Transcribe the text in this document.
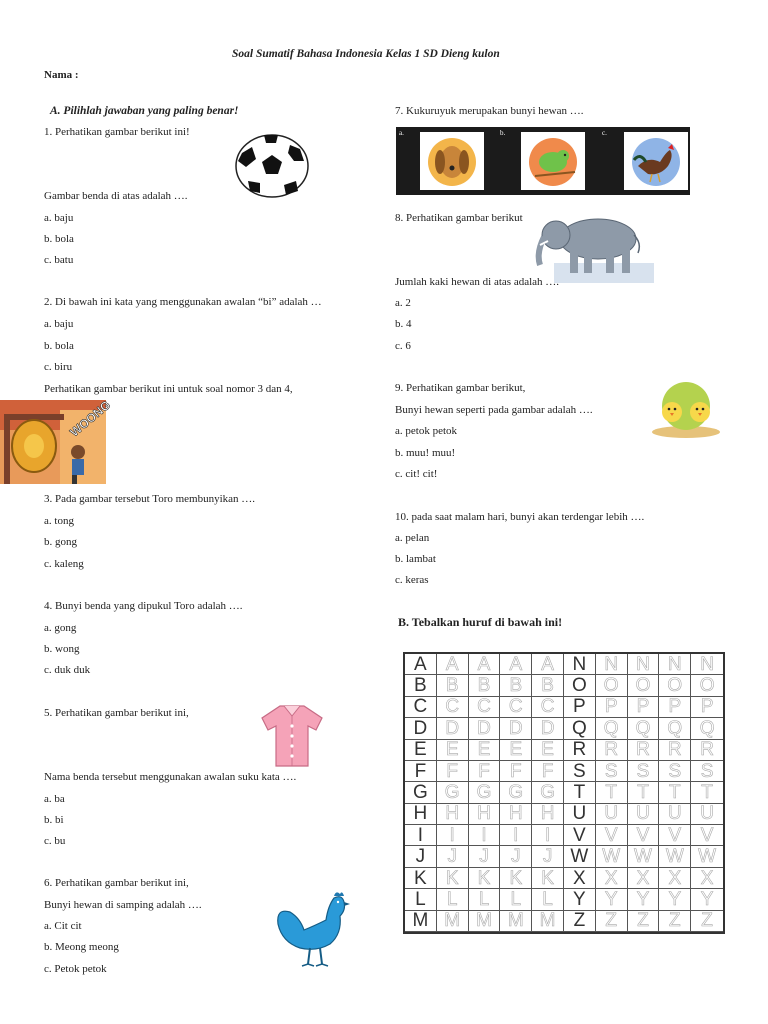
Soal Sumatif Bahasa Indonesia Kelas 1 SD Dieng kulon
Nama :
A. Pilihlah jawaban yang paling benar!
1. Perhatikan gambar berikut ini!
Gambar benda di atas adalah ….
a. baju
b. bola
c. batu
2. Di bawah ini kata yang menggunakan awalan “bi” adalah …
a. baju
b. bola
c. biru
Perhatikan gambar berikut ini untuk soal nomor 3 dan 4,
WOONG
3. Pada gambar tersebut Toro membunyikan ….
a. tong
b. gong
c. kaleng
4. Bunyi benda yang dipukul Toro adalah ….
a. gong
b. wong
c. duk duk
5. Perhatikan gambar berikut ini,
Nama benda tersebut menggunakan awalan suku kata ….
a. ba
b. bi
c. bu
6. Perhatikan gambar berikut ini,
Bunyi hewan di samping adalah ….
a. Cit cit
b. Meong meong
c. Petok petok
7. Kukuruyuk merupakan bunyi hewan ….
a.	b.	c.
8. Perhatikan gambar berikut
Jumlah kaki hewan di atas adalah ….
a. 2
b. 4
c. 6
9. Perhatikan gambar berikut,
Bunyi hewan seperti pada gambar adalah ….
a. petok petok
b. muu! muu!
c. cit! cit!
10. pada saat malam hari, bunyi akan terdengar lebih ….
a. pelan
b. lambat
c. keras
B. Tebalkan huruf di bawah ini!
A	A	A	A	A N N N N N
B	B	B	B	B O O O O O
C C C C C P	P	P	P	P
D D D D D Q Q Q Q Q
E	E	E	E	E R R R R R
F	F	F	F	F	S	S	S	S	S
G G G G G T	T	T	T	T
H H H H H U U U U U
I	I	I	I	I	V	V	V	V	V
J	J	J	J	J W W W W W
K	K	K	K	K	X	X	X	X	X
L	L	L	L	L	Y	Y	Y	Y	Y
M M M M M Z	Z	Z	Z	Z
